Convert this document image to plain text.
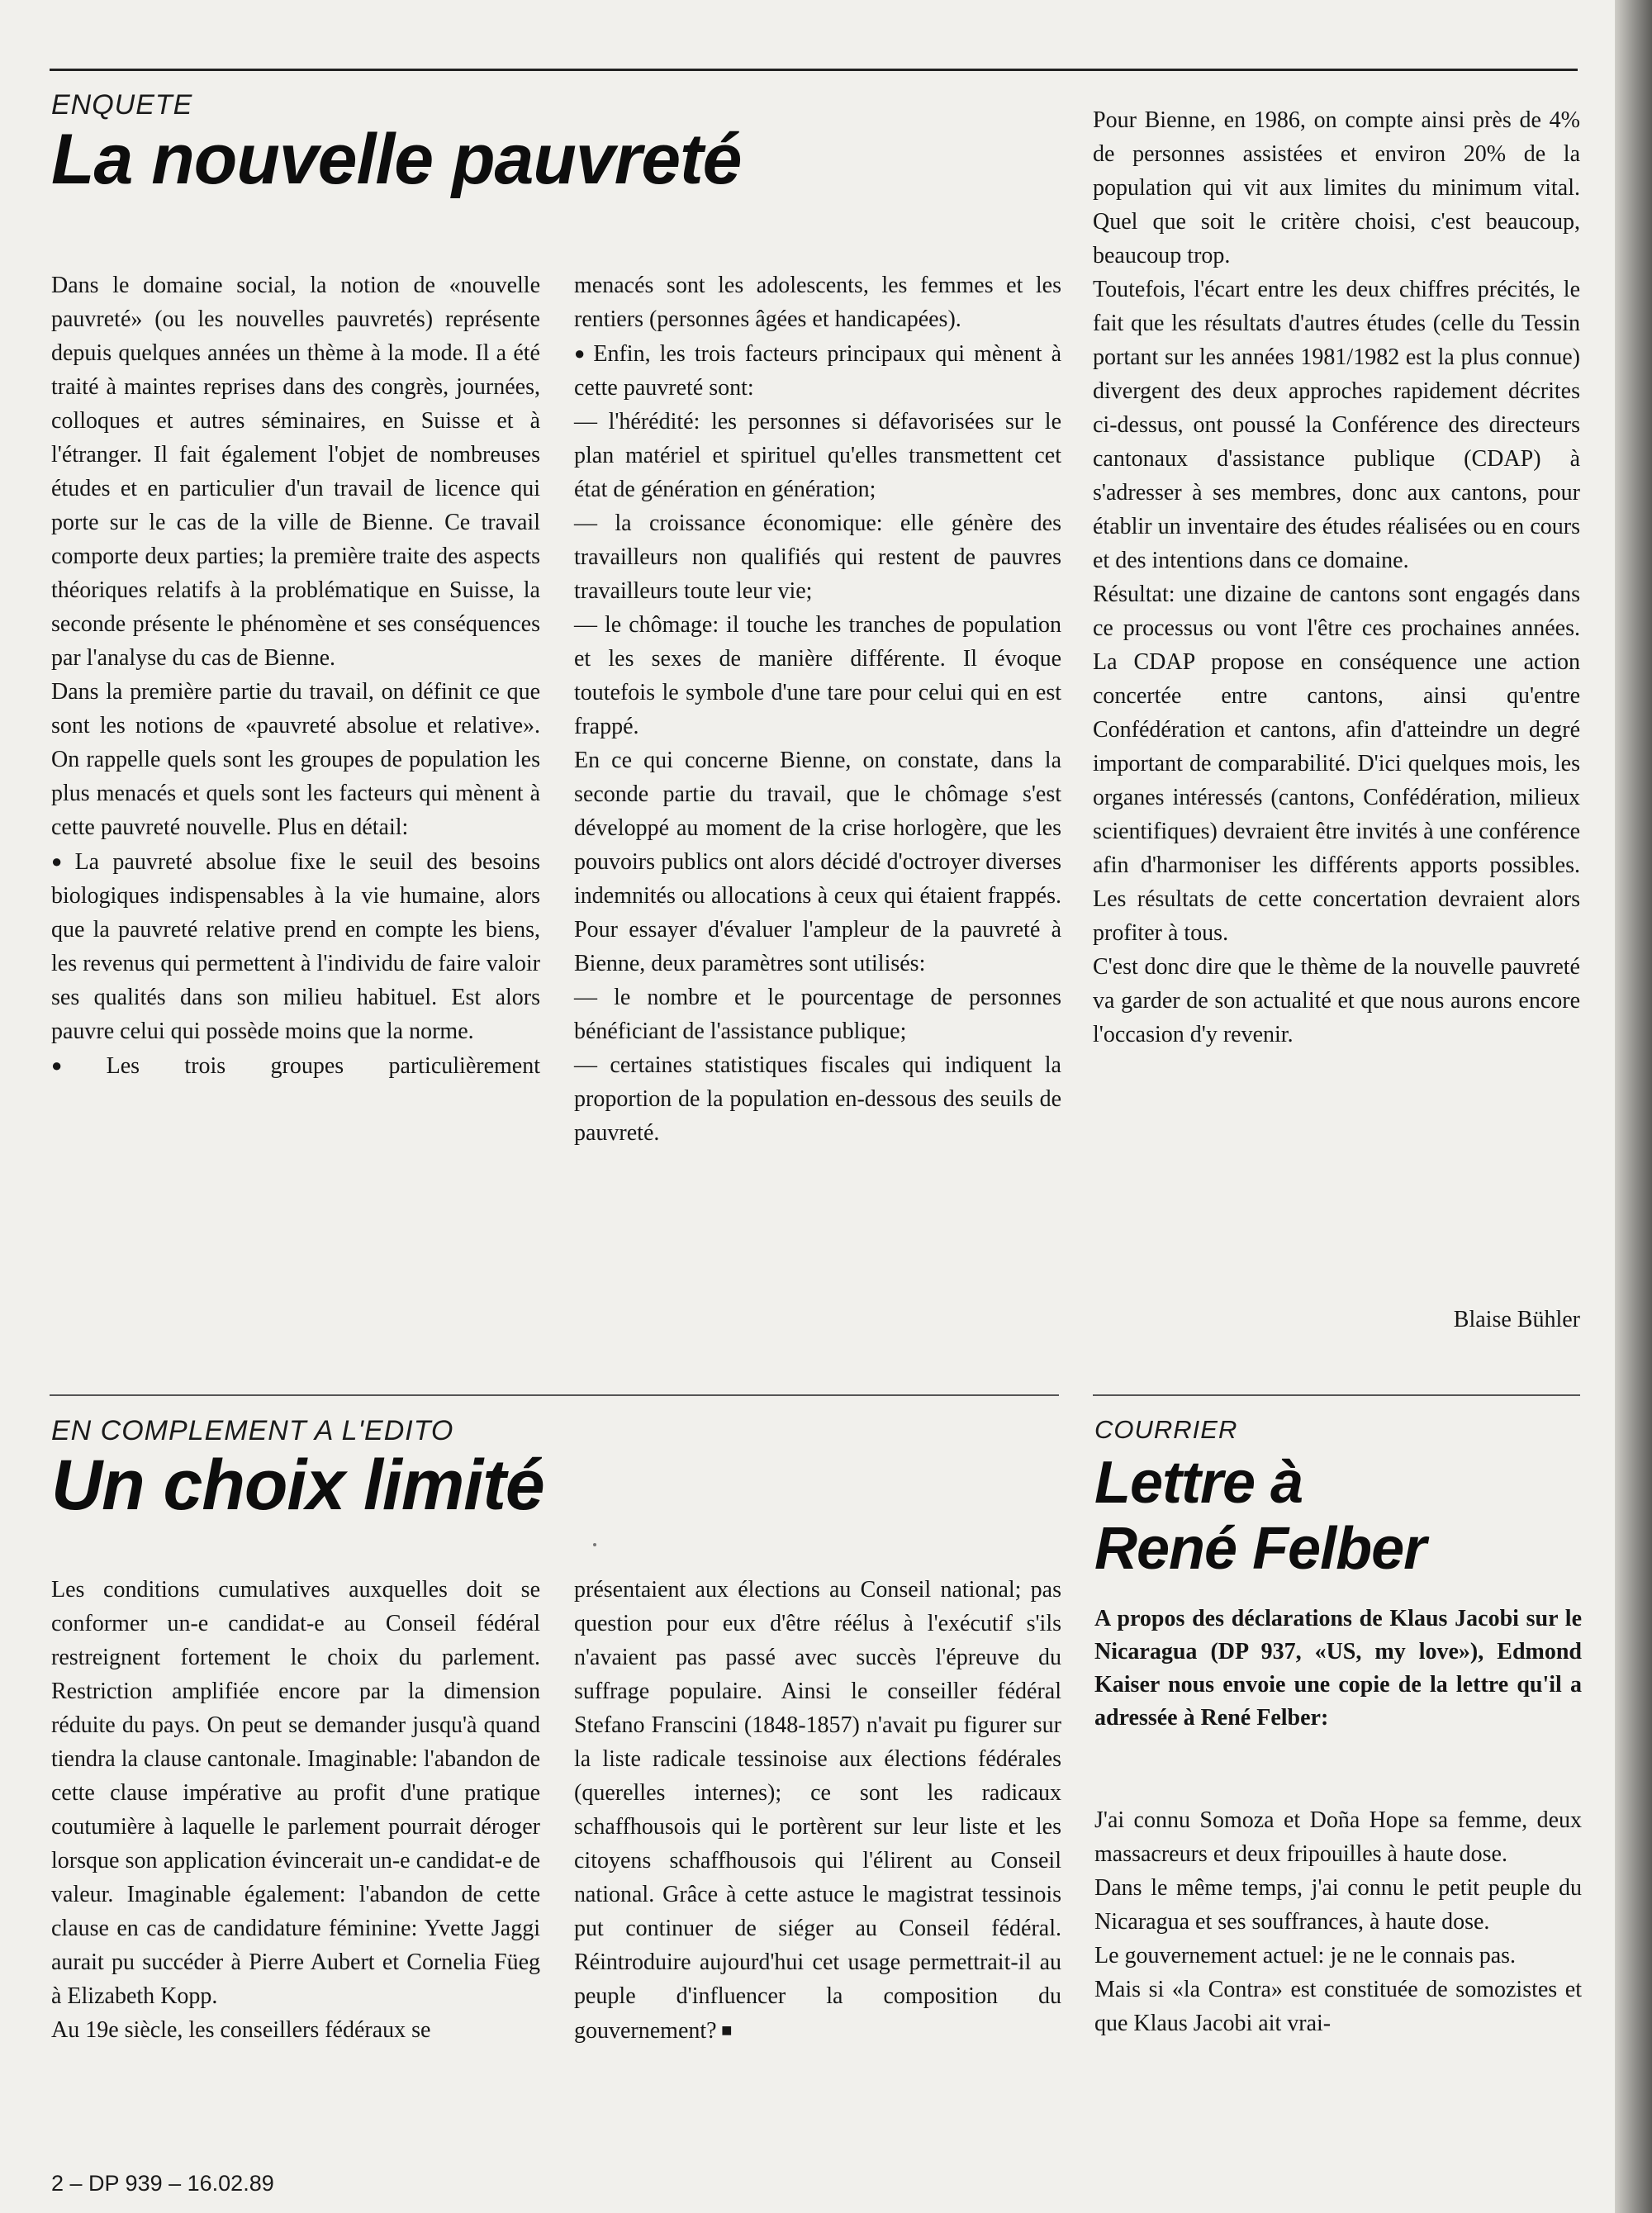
ENQUETE
La nouvelle pauvreté

Dans le domaine social, la notion de «nouvelle pauvreté» (ou les nouvelles pauvretés) représente depuis quelques années un thème à la mode. Il a été traité à maintes reprises dans des congrès, journées, colloques et autres séminaires, en Suisse et à l'étranger. Il fait également l'objet de nombreuses études et en particulier d'un travail de licence qui porte sur le cas de la ville de Bienne. Ce travail comporte deux parties; la première traite des aspects théoriques relatifs à la problématique en Suisse, la seconde présente le phénomène et ses conséquences par l'analyse du cas de Bienne.

Dans la première partie du travail, on définit ce que sont les notions de «pauvreté absolue et relative». On rappelle quels sont les groupes de population les plus menacés et quels sont les facteurs qui mènent à cette pauvreté nouvelle. Plus en détail:

● La pauvreté absolue fixe le seuil des besoins biologiques indispensables à la vie humaine, alors que la pauvreté relative prend en compte les biens, les revenus qui permettent à l'individu de faire valoir ses qualités dans son milieu habituel. Est alors pauvre celui qui possède moins que la norme.

● Les trois groupes particulièrement

menacés sont les adolescents, les femmes et les rentiers (personnes âgées et handicapées).

● Enfin, les trois facteurs principaux qui mènent à cette pauvreté sont:

— l'hérédité: les personnes si défavorisées sur le plan matériel et spirituel qu'elles transmettent cet état de génération en génération;

— la croissance économique: elle génère des travailleurs non qualifiés qui restent de pauvres travailleurs toute leur vie;

— le chômage: il touche les tranches de population et les sexes de manière différente. Il évoque toutefois le symbole d'une tare pour celui qui en est frappé.

En ce qui concerne Bienne, on constate, dans la seconde partie du travail, que le chômage s'est développé au moment de la crise horlogère, que les pouvoirs publics ont alors décidé d'octroyer diverses indemnités ou allocations à ceux qui étaient frappés. Pour essayer d'évaluer l'ampleur de la pauvreté à Bienne, deux paramètres sont utilisés:

— le nombre et le pourcentage de personnes bénéficiant de l'assistance publique;

— certaines statistiques fiscales qui indiquent la proportion de la population en-dessous des seuils de pauvreté.

Pour Bienne, en 1986, on compte ainsi près de 4% de personnes assistées et environ 20% de la population qui vit aux limites du minimum vital. Quel que soit le critère choisi, c'est beaucoup, beaucoup trop.

Toutefois, l'écart entre les deux chiffres précités, le fait que les résultats d'autres études (celle du Tessin portant sur les années 1981/1982 est la plus connue) divergent des deux approches rapidement décrites ci-dessus, ont poussé la Conférence des directeurs cantonaux d'assistance publique (CDAP) à s'adresser à ses membres, donc aux cantons, pour établir un inventaire des études réalisées ou en cours et des intentions dans ce domaine.

Résultat: une dizaine de cantons sont engagés dans ce processus ou vont l'être ces prochaines années. La CDAP propose en conséquence une action concertée entre cantons, ainsi qu'entre Confédération et cantons, afin d'atteindre un degré important de comparabilité. D'ici quelques mois, les organes intéressés (cantons, Confédération, milieux scientifiques) devraient être invités à une conférence afin d'harmoniser les différents apports possibles. Les résultats de cette concertation devraient alors profiter à tous.

C'est donc dire que le thème de la nouvelle pauvreté va garder de son actualité et que nous aurons encore l'occasion d'y revenir.

Blaise Bühler
EN COMPLEMENT A L'EDITO
Un choix limité

Les conditions cumulatives auxquelles doit se conformer un-e candidat-e au Conseil fédéral restreignent fortement le choix du parlement. Restriction amplifiée encore par la dimension réduite du pays. On peut se demander jusqu'à quand tiendra la clause cantonale. Imaginable: l'abandon de cette clause impérative au profit d'une pratique coutumière à laquelle le parlement pourrait déroger lorsque son application évincerait un-e candidat-e de valeur. Imaginable également: l'abandon de cette clause en cas de candidature féminine: Yvette Jaggi aurait pu succéder à Pierre Aubert et Cornelia Füeg à Elizabeth Kopp.

Au 19e siècle, les conseillers fédéraux se

présentaient aux élections au Conseil national; pas question pour eux d'être réélus à l'exécutif s'ils n'avaient pas passé avec succès l'épreuve du suffrage populaire. Ainsi le conseiller fédéral Stefano Franscini (1848-1857) n'avait pu figurer sur la liste radicale tessinoise aux élections fédérales (querelles internes); ce sont les radicaux schaffhousois qui le portèrent sur leur liste et les citoyens schaffhousois qui l'élirent au Conseil national. Grâce à cette astuce le magistrat tessinois put continuer de siéger au Conseil fédéral. Réintroduire aujourd'hui cet usage permettrait-il au peuple d'influencer la composition du gouvernement? ■

COURRIER
Lettre à
René Felber
A propos des déclarations de Klaus Jacobi sur le Nicaragua (DP 937, «US, my love»), Edmond Kaiser nous envoie une copie de la lettre qu'il a adressée à René Felber:

J'ai connu Somoza et Doña Hope sa femme, deux massacreurs et deux fripouilles à haute dose.

Dans le même temps, j'ai connu le petit peuple du Nicaragua et ses souffrances, à haute dose.

Le gouvernement actuel: je ne le connais pas.

Mais si «la Contra» est constituée de somozistes et que Klaus Jacobi ait vrai-

2 – DP 939 – 16.02.89
